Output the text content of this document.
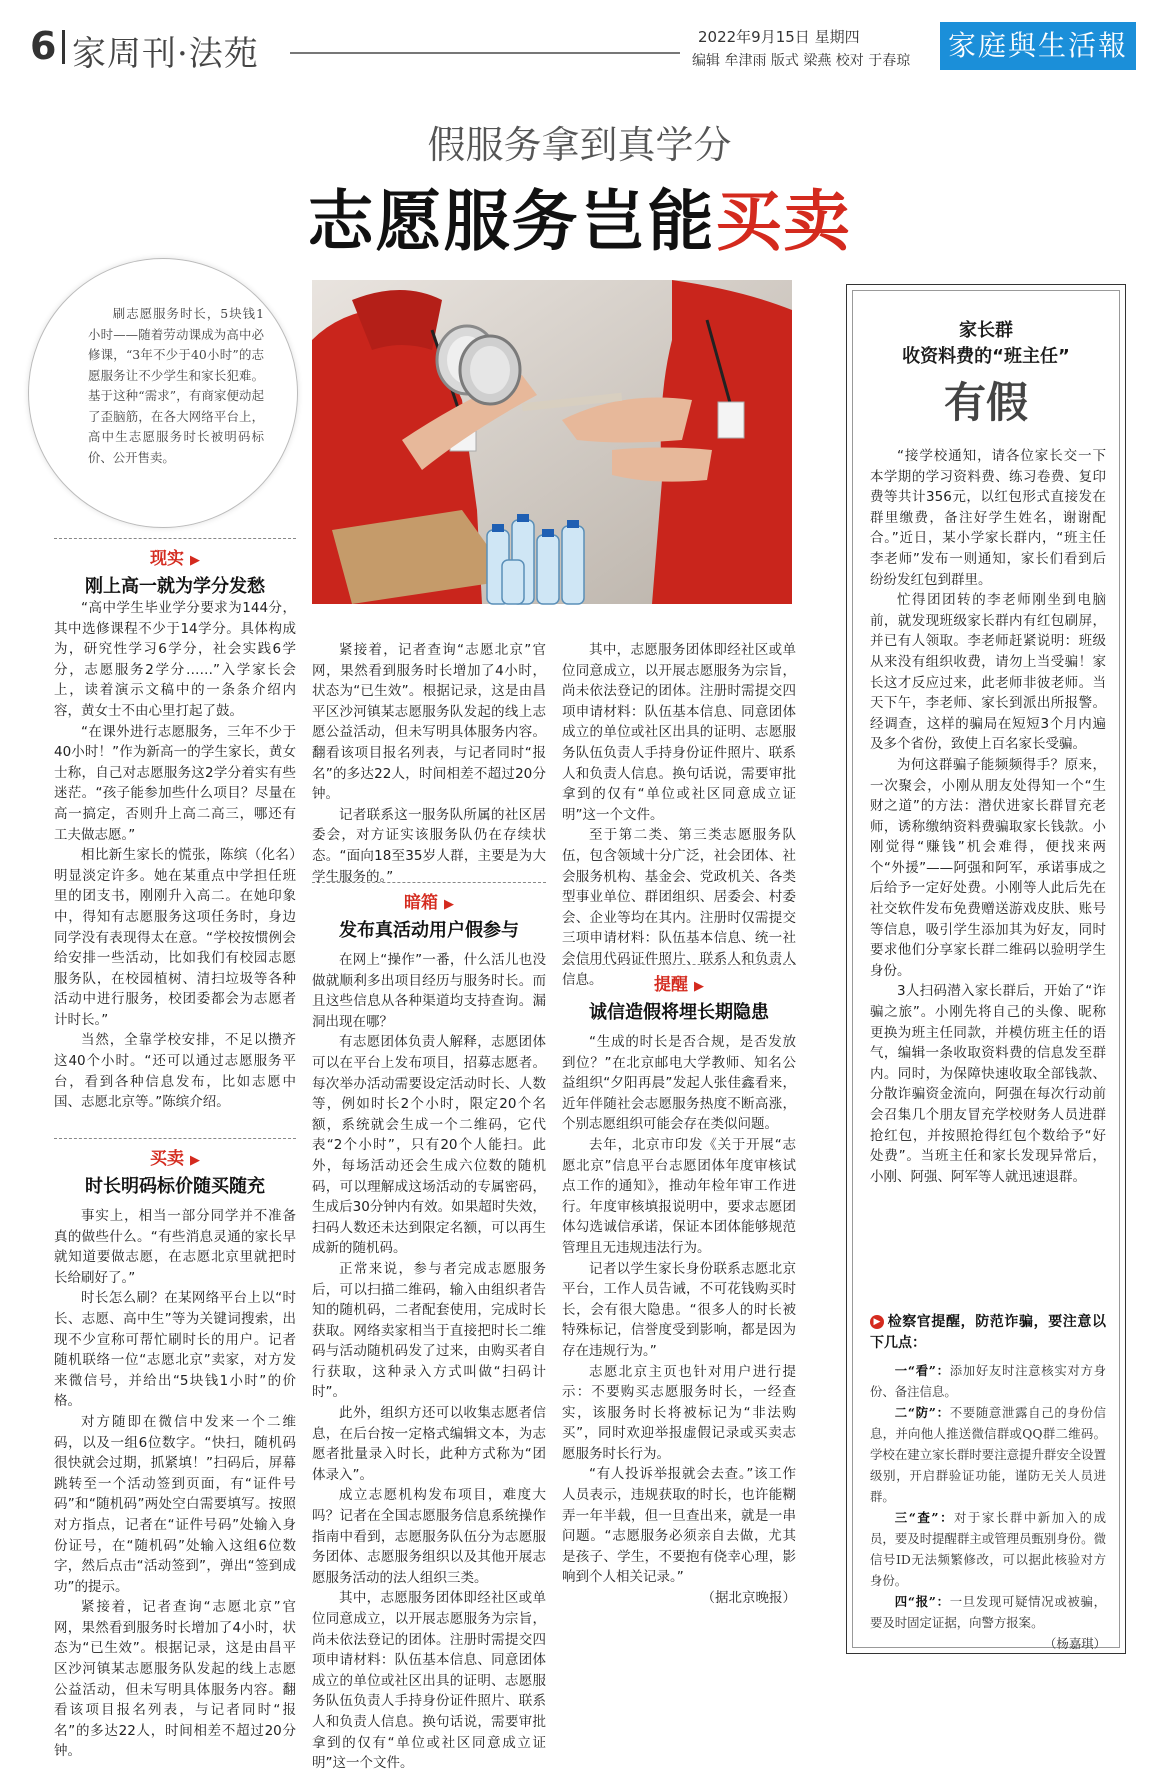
6 家周刊·法苑	2022年9月15日 星期四
编辑 牟津雨 版式 梁燕 校对 于春琼 家庭與生活報
假服务拿到真学分
志愿服务岂能买卖
刷志愿服务时长，5块钱1小时——随着劳动课成为高中必修课，“3年不少于40小时”的志愿服务让不少学生和家长犯难。基于这种“需求”，有商家便动起了歪脑筋，在各大网络平台上，高中生志愿服务时长被明码标价、公开售卖。
现实 ▶
刚上高一就为学分发愁

“高中学生毕业学分要求为144分，其中选修课程不少于14学分。具体构成为，研究性学习6学分，社会实践6学分，志愿服务2学分……”入学家长会上，读着演示文稿中的一条条介绍内容，黄女士不由心里打起了鼓。

“在课外进行志愿服务，三年不少于40小时！”作为新高一的学生家长，黄女士称，自己对志愿服务这2学分着实有些迷茫。“孩子能参加些什么项目？尽量在高一搞定，否则升上高二高三，哪还有工夫做志愿。”

相比新生家长的慌张，陈缤（化名）明显淡定许多。她在某重点中学担任班里的团支书，刚刚升入高二。在她印象中，得知有志愿服务这项任务时，身边同学没有表现得太在意。“学校按惯例会给安排一些活动，比如我们有校园志愿服务队，在校园植树、清扫垃圾等各种活动中进行服务，校团委都会为志愿者计时长。”

当然，全靠学校安排，不足以攒齐这40个小时。“还可以通过志愿服务平台，看到各种信息发布，比如志愿中国、志愿北京等。”陈缤介绍。

买卖 ▶
时长明码标价随买随充

事实上，相当一部分同学并不准备真的做些什么。“有些消息灵通的家长早就知道要做志愿，在志愿北京里就把时长给刷好了。”

时长怎么刷？在某网络平台上以“时长、志愿、高中生”等为关键词搜索，出现不少宣称可帮忙刷时长的用户。记者随机联络一位“志愿北京”卖家，对方发来微信号，并给出“5块钱1小时”的价格。

对方随即在微信中发来一个二维码，以及一组6位数字。“快扫，随机码很快就会过期，抓紧填！”扫码后，屏幕跳转至一个活动签到页面，有“证件号码”和“随机码”两处空白需要填写。按照对方指点，记者在“证件号码”处输入身份证号，在“随机码”处输入这组6位数字，然后点击“活动签到”，弹出“签到成功”的提示。

紧接着，记者查询“志愿北京”官网，果然看到服务时长增加了4小时，状态为“已生效”。根据记录，这是由昌平区沙河镇某志愿服务队发起的线上志愿公益活动，但未写明具体服务内容。翻看该项目报名列表，与记者同时“报名”的多达22人，时间相差不超过20分钟。

紧接着，记者查询“志愿北京”官网，果然看到服务时长增加了4小时，状态为“已生效”。根据记录，这是由昌平区沙河镇某志愿服务队发起的线上志愿公益活动，但未写明具体服务内容。翻看该项目报名列表，与记者同时“报名”的多达22人，时间相差不超过20分钟。

记者联系这一服务队所属的社区居委会，对方证实该服务队仍在存续状态。“面向18至35岁人群，主要是为大学生服务的。”

暗箱 ▶
发布真活动用户假参与

在网上“操作”一番，什么活儿也没做就顺利多出项目经历与服务时长。而且这些信息从各种渠道均支持查询。漏洞出现在哪？

有志愿团体负责人解释，志愿团体可以在平台上发布项目，招募志愿者。每次举办活动需要设定活动时长、人数等，例如时长2个小时，限定20个名额，系统就会生成一个二维码，它代表“2个小时”，只有20个人能扫。此外，每场活动还会生成六位数的随机码，可以理解成这场活动的专属密码，生成后30分钟内有效。如果超时失效，扫码人数还未达到限定名额，可以再生成新的随机码。

正常来说，参与者完成志愿服务后，可以扫描二维码，输入由组织者告知的随机码，二者配套使用，完成时长获取。网络卖家相当于直接把时长二维码与活动随机码发了过来，由购买者自行获取，这种录入方式叫做“扫码计时”。

此外，组织方还可以收集志愿者信息，在后台按一定格式编辑文本，为志愿者批量录入时长，此种方式称为“团体录入”。

成立志愿机构发布项目，难度大吗？记者在全国志愿服务信息系统操作指南中看到，志愿服务队伍分为志愿服务团体、志愿服务组织以及其他开展志愿服务活动的法人组织三类。

其中，志愿服务团体即经社区或单位同意成立，以开展志愿服务为宗旨，尚未依法登记的团体。注册时需提交四项申请材料：队伍基本信息、同意团体成立的单位或社区出具的证明、志愿服务队伍负责人手持身份证件照片、联系人和负责人信息。换句话说，需要审批拿到的仅有“单位或社区同意成立证明”这一个文件。

其中，志愿服务团体即经社区或单位同意成立，以开展志愿服务为宗旨，尚未依法登记的团体。注册时需提交四项申请材料：队伍基本信息、同意团体成立的单位或社区出具的证明、志愿服务队伍负责人手持身份证件照片、联系人和负责人信息。换句话说，需要审批拿到的仅有“单位或社区同意成立证明”这一个文件。

至于第二类、第三类志愿服务队伍，包含领域十分广泛，社会团体、社会服务机构、基金会、党政机关、各类型事业单位、群团组织、居委会、村委会、企业等均在其内。注册时仅需提交三项申请材料：队伍基本信息、统一社会信用代码证件照片、联系人和负责人信息。	提醒 ▶
诚信造假将埋长期隐患

“生成的时长是否合规，是否发放到位？”在北京邮电大学教师、知名公益组织“夕阳再晨”发起人张佳鑫看来，近年伴随社会志愿服务热度不断高涨，个别志愿组织可能会存在类似问题。

去年，北京市印发《关于开展“志愿北京”信息平台志愿团体年度审核试点工作的通知》，推动年检年审工作进行。年度审核填报说明中，要求志愿团体勾选诚信承诺，保证本团体能够规范管理且无违规违法行为。

记者以学生家长身份联系志愿北京平台，工作人员告诫，不可花钱购买时长，会有很大隐患。“很多人的时长被特殊标记，信誉度受到影响，都是因为存在违规行为。”

志愿北京主页也针对用户进行提示：不要购买志愿服务时长，一经查实，该服务时长将被标记为“非法购买”，同时欢迎举报虚假记录或买卖志愿服务时长行为。

“有人投诉举报就会去查。”该工作人员表示，违规获取的时长，也许能糊弄一年半载，但一旦查出来，就是一串问题。“志愿服务必须亲自去做，尤其是孩子、学生，不要抱有侥幸心理，影响到个人相关记录。”

（据北京晚报）
家长群
收资料费的“班主任”
有假

“接学校通知，请各位家长交一下本学期的学习资料费、练习卷费、复印费等共计356元，以红包形式直接发在群里缴费，备注好学生姓名，谢谢配合。”近日，某小学家长群内，“班主任李老师”发布一则通知，家长们看到后纷纷发红包到群里。

忙得团团转的李老师刚坐到电脑前，就发现班级家长群内有红包刷屏，并已有人领取。李老师赶紧说明：班级从来没有组织收费，请勿上当受骗！家长这才反应过来，此老师非彼老师。当天下午，李老师、家长到派出所报警。经调查，这样的骗局在短短3个月内遍及多个省份，致使上百名家长受骗。

为何这群骗子能频频得手？原来，一次聚会，小刚从朋友处得知一个“生财之道”的方法：潜伏进家长群冒充老师，诱称缴纳资料费骗取家长钱款。小刚觉得“赚钱”机会难得，便找来两个“外援”——阿强和阿军，承诺事成之后给予一定好处费。小刚等人此后先在社交软件发布免费赠送游戏皮肤、账号等信息，吸引学生添加其为好友，同时要求他们分享家长群二维码以验明学生身份。

3人扫码潜入家长群后，开始了“诈骗之旅”。小刚先将自己的头像、昵称更换为班主任同款，并模仿班主任的语气，编辑一条收取资料费的信息发至群内。同时，为保障快速收取全部钱款、分散诈骗资金流向，阿强在每次行动前会召集几个朋友冒充学校财务人员进群抢红包，并按照抢得红包个数给予“好处费”。当班主任和家长发现异常后，小刚、阿强、阿军等人就迅速退群。

▶ 检察官提醒，防范诈骗，要注意以下几点：

一“看”：添加好友时注意核实对方身份、备注信息。

二“防”：不要随意泄露自己的身份信息，并向他人推送微信群或QQ群二维码。学校在建立家长群时要注意提升群安全设置级别，开启群验证功能，谨防无关人员进群。

三“查”：对于家长群中新加入的成员，要及时提醒群主或管理员甄别身份。微信号ID无法频繁修改，可以据此核验对方身份。

四“报”：一旦发现可疑情况或被骗，要及时固定证据，向警方报案。

（杨嘉琪）
